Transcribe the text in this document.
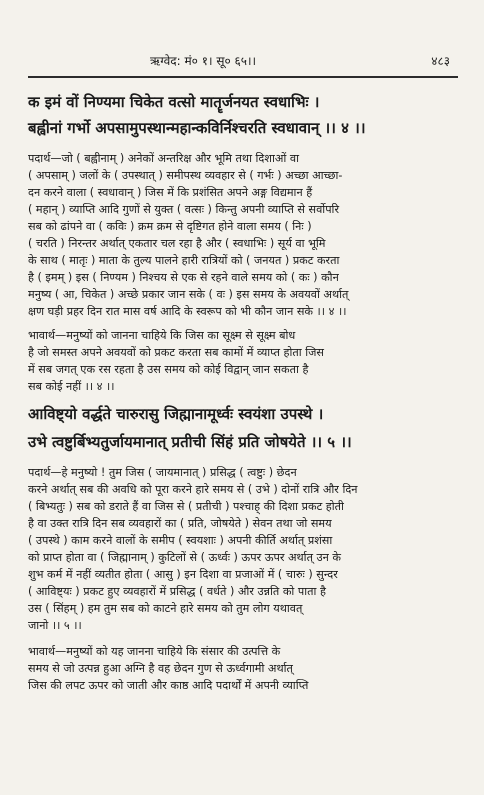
ऋग्वेद: मं० १। सू० ६५।।	४८३
क इमं वों निण्यमा चिकेत वत्सो मातॄर्जनयत स्वधाभिः ।
बह्वीनां गर्भो अपसामुपस्थान्महान्कविर्निश्चरति स्वधावान् ।। ४ ।।
पदार्थ—जो ( बह्वीनाम् ) अनेकों अन्तरिक्ष और भूमि तथा दिशाओं वा
( अपसाम् ) जलों के ( उपस्थात् ) समीपस्थ व्यवहार से ( गर्भः ) अच्छा आच्छा-
दन करने वाला ( स्वधावान् ) जिस में कि प्रशंसित अपने अङ्ग विद्यमान हैं
( महान् ) व्याप्ति आदि गुणों से युक्त ( वत्सः ) किन्तु अपनी व्याप्ति से सर्वोपरि
सब को ढांपने वा ( कविः ) क्रम क्रम से दृष्टिगत होने वाला समय ( निः )
( चरति ) निरन्तर अर्थात् एकतार चल रहा है और ( स्वधाभिः ) सूर्य वा भूमि
के साथ ( मातृः ) माता के तुल्य पालने हारी रात्रियों को ( जनयत ) प्रकट करता
है ( इमम् ) इस ( निण्यम ) निश्चय से एक से रहने वाले समय को ( कः ) कौन
मनुष्य ( आ, चिकेत ) अच्छे प्रकार जान सके ( वः ) इस समय के अवयवों अर्थात्
क्षण घड़ी प्रहर दिन रात मास वर्ष आदि के स्वरूप को भी कौन जान सके ।। ४ ।।
भावार्थ—मनुष्यों को जानना चाहिये कि जिस का सूक्ष्म से सूक्ष्म बोध
है जो समस्त अपने अवयवों को प्रकट करता सब कामों में व्याप्त होता जिस
में सब जगत् एक रस रहता है उस समय को कोई विद्वान् जान सकता है
सब कोई नहीं ।। ४ ।।
आविष्ट्यो वर्द्धते चारुरासु जिह्मानामूर्ध्वः स्वयंशा उपस्थे ।
उभे त्वष्टुर्बिभ्यतुर्जायमानात् प्रतीची सिंहं प्रति जोषयेते ।। ५ ।।
पदार्थ—हे मनुष्यो ! तुम जिस ( जायमानात् ) प्रसिद्ध ( त्वष्टुः ) छेदन
करने अर्थात् सब की अवधि को पूरा करने हारे समय से ( उभे ) दोनों रात्रि और दिन
( बिभ्यतुः ) सब को डराते हैं वा जिस से ( प्रतीची ) पश्चाह् की दिशा प्रकट होती
है वा उक्त रात्रि दिन सब व्यवहारों का ( प्रति, जोषयेते ) सेवन तथा जो समय
( उपस्थे ) काम करने वालों के समीप ( स्वयशाः ) अपनी कीर्ति अर्थात् प्रशंसा
को प्राप्त होता वा ( जिह्मानाम् ) कुटिलों से ( ऊर्ध्वः ) ऊपर ऊपर अर्थात् उन के
शुभ कर्म में नहीं व्यतीत होता ( आसु ) इन दिशा वा प्रजाओं में ( चारुः ) सुन्दर
( आविष्ट्यः ) प्रकट हुए व्यवहारों में प्रसिद्ध ( वर्धते ) और उन्नति को पाता है
उस ( सिंहम् ) हम तुम सब को काटने हारे समय को तुम लोग यथावत्
जानो ।। ५ ।।
भावार्थ—मनुष्यों को यह जानना चाहिये कि संसार की उत्पत्ति के
समय से जो उत्पन्न हुआ अग्नि है वह छेदन गुण से ऊर्ध्वगामी अर्थात्
जिस की लपट ऊपर को जाती और काष्ठ आदि पदार्थों में अपनी व्याप्ति
